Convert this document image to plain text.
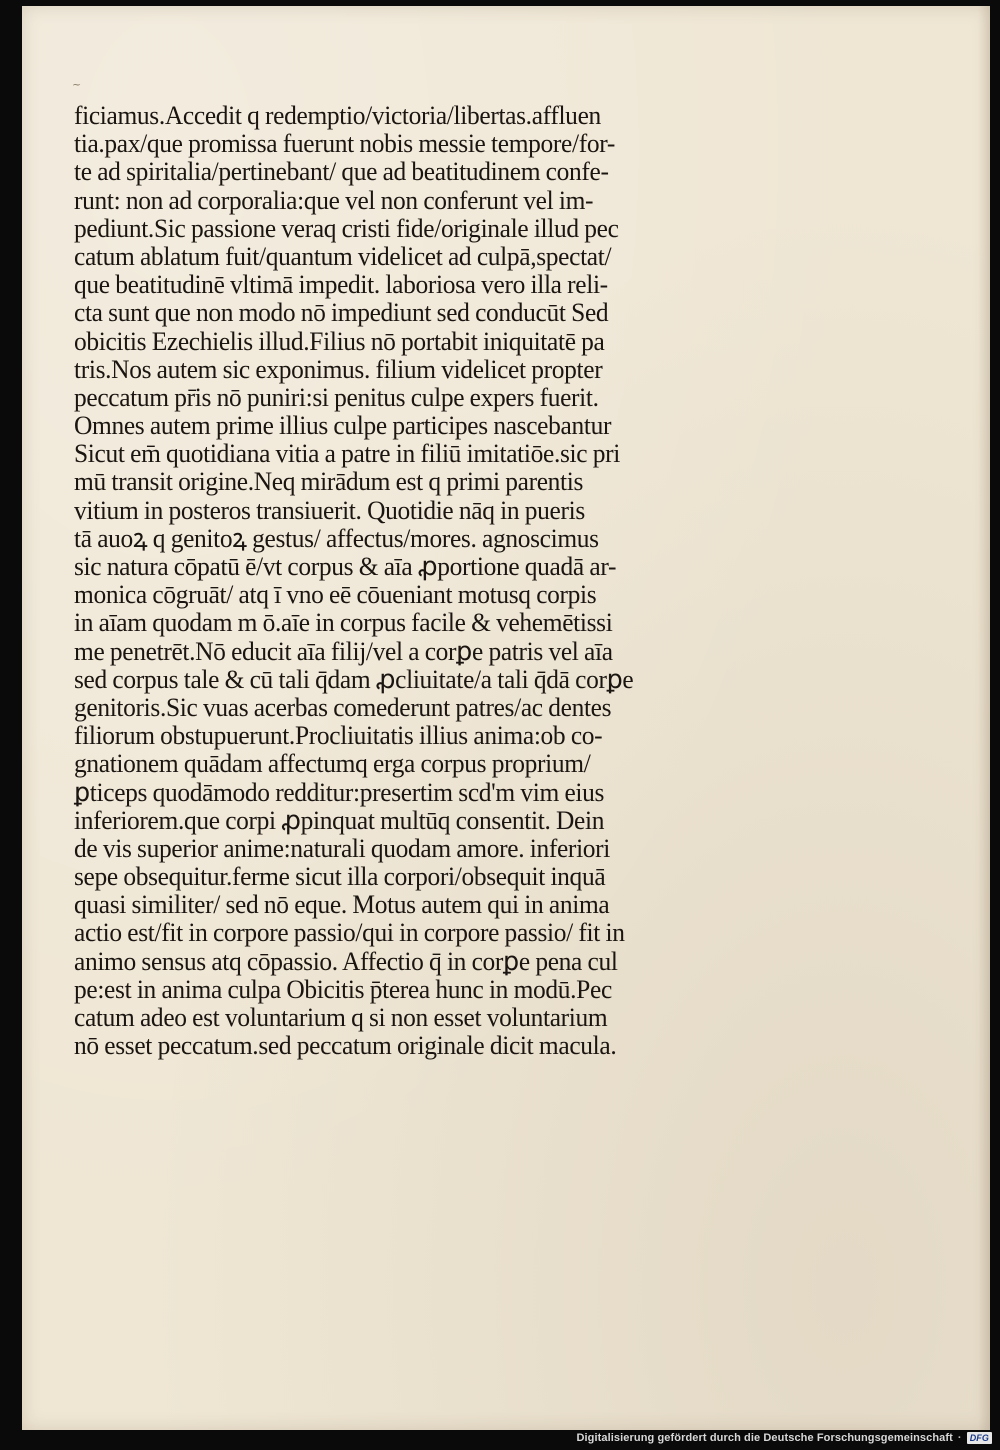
~
ficiamus.Accedit q redemptio/victoria/libertas.affluen
tia.pax/que promissa fuerunt nobis messie tempore/for-
te ad spiritalia/pertinebant/ que ad beatitudinem confe-
runt: non ad corporalia:que vel non conferunt vel im-
pediunt.Sic passione veraq cristi fide/originale illud pec
catum ablatum fuit/quantum videlicet ad culpā,spectat/
que beatitudinē vltimā impedit. laboriosa vero illa reli-
cta sunt que non modo nō impediunt sed conducūt Sed
obicitis Ezechielis illud.Filius nō portabit iniquitatē pa
tris.Nos autem sic exponimus. filium videlicet propter
peccatum pr̄is nō puniri:si penitus culpe expers fuerit.
Omnes autem prime illius culpe participes nascebantur
Sicut em̄ quotidiana vitia a patre in filiū imitatiōe.sic pri
mū transit origine.Neq mirādum est q primi parentis
vitium in posteros transiuerit. Quotidie nāq in pueris
tā auoꝝ q genitoꝝ gestus/ affectus/mores. agnoscimus
sic natura cōpatū ē/vt corpus & aīa ꝓportione quadā ar-
monica cōgruāt/ atq ī vno eē cōueniant motusq corpis
in aīam quodam m ō.aīe in corpus facile & vehemētissi
me penetrēt.Nō educit aīa filij/vel a corꝑe patris vel aīa
sed corpus tale & cū tali q̄dam ꝓcliuitate/a tali q̄dā corꝑe
genitoris.Sic vuas acerbas comederunt patres/ac dentes
filiorum obstupuerunt.Procliuitatis illius anima:ob co-
gnationem quādam affectumq erga corpus proprium/
ꝑticeps quodāmodo redditur:presertim scd'm vim eius
inferiorem.que corpi ꝓpinquat multūq consentit. Dein
de vis superior anime:naturali quodam amore. inferiori
sepe obsequitur.ferme sicut illa corpori/obsequit inquā
quasi similiter/ sed nō eque. Motus autem qui in anima
actio est/fit in corpore passio/qui in corpore passio/ fit in
animo sensus atq cōpassio. Affectio q̄ in corꝑe pena cul
pe:est in anima culpa Obicitis p̄terea hunc in modū.Pec
catum adeo est voluntarium q si non esset voluntarium
nō esset peccatum.sed peccatum originale dicit macula.
Digitalisierung gefördert durch die Deutsche Forschungsgemeinschaft · DFG
